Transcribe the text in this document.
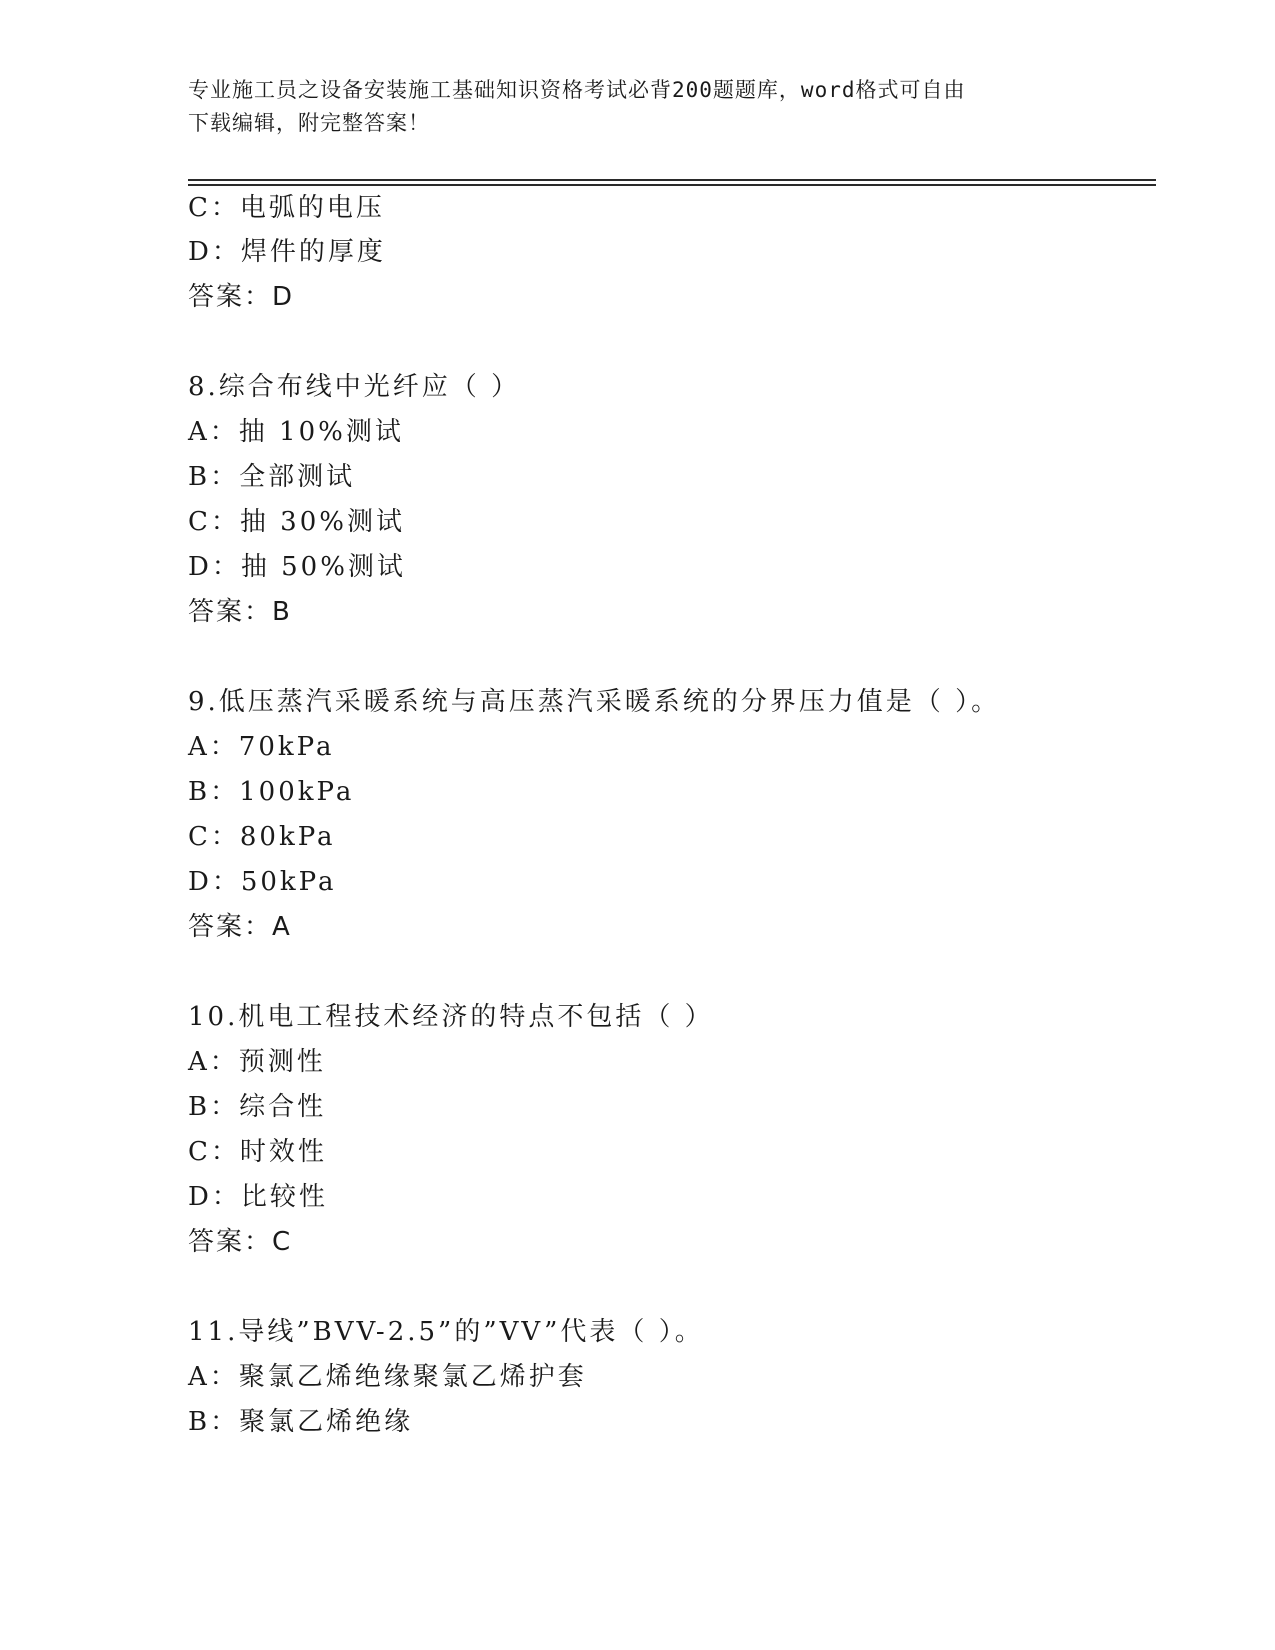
专业施工员之设备安装施工基础知识资格考试必背200题题库，word格式可自由
下载编辑，附完整答案！
C：电弧的电压
D：焊件的厚度
答案：D
8.综合布线中光纤应（ ）
A：抽 10%测试
B：全部测试
C：抽 30%测试
D：抽 50%测试
答案：B
9.低压蒸汽采暖系统与高压蒸汽采暖系统的分界压力值是（ ）。
A：70kPa
B：100kPa
C：80kPa
D：50kPa
答案：A
10.机电工程技术经济的特点不包括（ ）
A：预测性
B：综合性
C：时效性
D：比较性
答案：C
11.导线”BVV-2.5”的”VV”代表（ ）。
A：聚氯乙烯绝缘聚氯乙烯护套
B：聚氯乙烯绝缘
